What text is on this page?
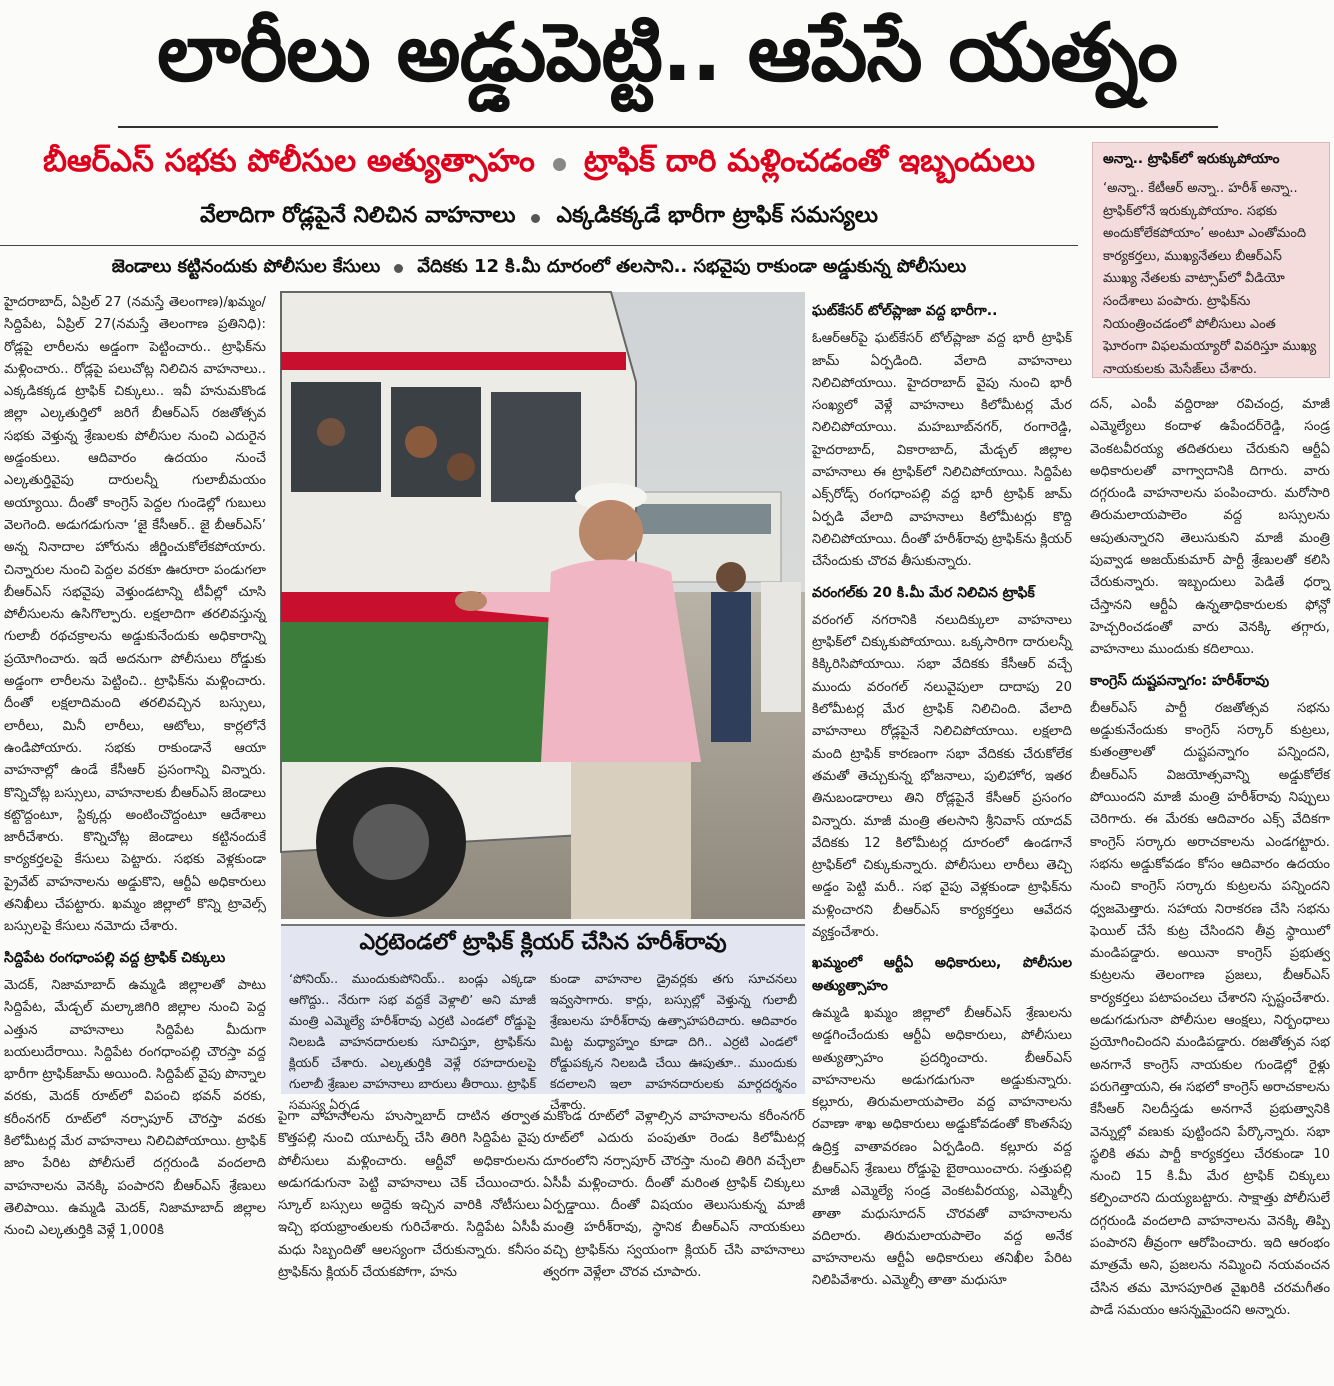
లారీలు అడ్డుపెట్టి.. ఆపేసే యత్నం
బీఆర్‌ఎస్‌ సభకు పోలీసుల అత్యుత్సాహం ట్రాఫిక్‌ దారి మళ్లించడంతో ఇబ్బందులు
వేలాదిగా రోడ్లపైనే నిలిచిన వాహనాలు ఎక్కడికక్కడే భారీగా ట్రాఫిక్‌ సమస్యలు
జెండాలు కట్టినందుకు పోలీసుల కేసులు వేదికకు 12 కి.మీ దూరంలో తలసాని.. సభవైపు రాకుండా అడ్డుకున్న పోలీసులు
అన్నా.. ట్రాఫిక్‌లో ఇరుక్కుపోయాం
‘అన్నా.. కేటీఆర్‌ అన్నా.. హరీశ్‌ అన్నా.. ట్రాఫిక్‌లోనే ఇరుక్కుపోయాం. సభకు అందుకోలేకపోయాం’ అంటూ ఎంతోమంది కార్యకర్తలు, ముఖ్యనేతలు బీఆర్‌ఎస్‌ ముఖ్య నేతలకు వాట్సాప్‌లో వీడియో సందేశాలు పంపారు. ట్రాఫిక్‌ను నియంత్రించడంలో పోలీసులు ఎంత ఘోరంగా విఫలమయ్యారో వివరిస్తూ ముఖ్య నాయకులకు మెసేజ్‌లు చేశారు.

హైదరాబాద్‌, ఏప్రిల్‌ 27 (నమస్తే తెలంగాణ)/ఖమ్మం/సిద్దిపేట, ఏప్రిల్‌ 27(నమస్తే తెలంగాణ ప్రతినిధి): రోడ్లపై లారీలను అడ్డంగా పెట్టించారు.. ట్రాఫిక్‌ను మళ్లించారు.. రోడ్లపై పలుచోట్ల నిలిచిన వాహనాలు.. ఎక్కడికక్కడ ట్రాఫిక్‌ చిక్కులు.. ఇవీ హనుమకొండ జిల్లా ఎల్కతుర్తిలో జరిగే బీఆర్‌ఎస్‌ రజతోత్సవ సభకు వెళ్తున్న శ్రేణులకు పోలీసుల నుంచి ఎదురైన అడ్డంకులు. ఆదివారం ఉదయం నుంచే ఎల్కతుర్తివైపు దారులన్నీ గులాబీమయం అయ్యాయి. దీంతో కాంగ్రెస్‌ పెద్దల గుండెల్లో గుబులు వెలగెంది. అడుగడుగునా ‘జై కేసీఆర్‌.. జై బీఆర్‌ఎస్‌’ అన్న నినాదాల హోరును జీర్ణించుకోలేకపోయారు. చిన్నారుల నుంచి పెద్దల వరకూ ఊరూరా పండుగలా బీఆర్‌ఎస్‌ సభవైపు వెళ్తుండటాన్ని టీవీల్లో చూసి పోలీసులను ఉసిగొల్పారు. లక్షలాదిగా తరలివస్తున్న గులాబీ రథచక్రాలను అడ్డుకునేందుకు అధికారాన్ని ప్రయోగించారు. ఇదే అదనుగా పోలీసులు రోడ్డుకు అడ్డంగా లారీలను పెట్టించి.. ట్రాఫిక్‌ను మళ్లించారు. దీంతో లక్షలాదిమంది తరలివచ్చిన బస్సులు, లారీలు, మినీ లారీలు, ఆటోలు, కార్లలోనే ఉండిపోయారు. సభకు రాకుండానే ఆయా వాహనాల్లో ఉండే కేసీఆర్‌ ప్రసంగాన్ని విన్నారు. కొన్నిచోట్ల బస్సులు, వాహనాలకు బీఆర్‌ఎస్‌ జెండాలు కట్టొద్దంటూ, స్టిక్కర్లు అంటించొద్దంటూ ఆదేశాలు జారీచేశారు. కొన్నిచోట్ల జెండాలు కట్టినందుకే కార్యకర్తలపై కేసులు పెట్టారు. సభకు వెళ్లకుండా ప్రైవేట్‌ వాహనాలను అడ్డుకొని, ఆర్టీఏ అధికారులు తనిఖీలు చేపట్టారు. ఖమ్మం జిల్లాలో కొన్ని ట్రావెల్స్‌ బస్సులపై కేసులు నమోదు చేశారు.

సిద్దిపేట రంగధాంపల్లి వద్ద ట్రాఫిక్‌ చిక్కులు

మెదక్‌, నిజామాబాద్‌ ఉమ్మడి జిల్లాలతో పాటు సిద్దిపేట, మేడ్చల్‌ మల్కాజిగిరి జిల్లాల నుంచి పెద్ద ఎత్తున వాహనాలు సిద్దిపేట మీదుగా బయలుదేరాయి. సిద్దిపేట రంగధాంపల్లి చౌరస్తా వద్ద భారీగా ట్రాఫిక్‌జామ్‌ అయింది. సిద్దిపేట్‌ వైపు పొన్నాల వరకు, మెదక్‌ రూట్‌లో విపంచి భవన్‌ వరకు, కరీంనగర్‌ రూట్‌లో నర్సాపూర్‌ చౌరస్తా వరకు కిలోమీటర్ల మేర వాహనాలు నిలిచిపోయాయి. ట్రాఫిక్‌ జాం పేరిట పోలీసులే దగ్గరుండి వందలాది వాహనాలను వెనక్కి పంపారని బీఆర్‌ఎస్‌ శ్రేణులు తెలిపాయి. ఉమ్మడి మెదక్‌, నిజామాబాద్‌ జిల్లాల నుంచి ఎల్కతుర్తికి వెళ్లే 1,000కి

ఎర్రటెండలో ట్రాఫిక్‌ క్లియర్‌ చేసిన హరీశ్‌రావు
‘పోనియ్‌.. ముందుకుపోనియ్‌.. బండ్లు ఎక్కడా ఆగొద్దు.. నేరుగా సభ వద్దకే వెళ్లాలి’ అని మాజీ మంత్రి ఎమ్మెల్యే హరీశ్‌రావు ఎర్రటి ఎండలో రోడ్డుపై నిలబడి వాహనదారులకు సూచిస్తూ, ట్రాఫిక్‌ను క్లియర్‌ చేశారు. ఎల్కతుర్తికి వెళ్లే రహదారులపై గులాబీ శ్రేణుల వాహనాలు బారులు తీరాయి. ట్రాఫిక్‌ సమస్య ఏర్పడ
కుండా వాహనాల డ్రైవర్లకు తగు సూచనలు ఇవ్వసాగారు. కార్లు, బస్సుల్లో వెళ్తున్న గులాబీ శ్రేణులను హరీశ్‌రావు ఉత్సాహపరిచారు. ఆదివారం మిట్ట మధ్యాహ్నం కూడా దిగి.. ఎర్రటి ఎండలో రోడ్డుపక్కన నిలబడి చేయి ఊపుతూ.. ముందుకు కదలాలని ఇలా వాహనదారులకు మార్గదర్శనం చేశారు.

పైగా వాహనాలను హుస్నాబాద్‌ దాటిన తర్వాత కొత్తపల్లి నుంచి యూటర్న్‌ చేసి తిరిగి సిద్దిపేట వైపు పోలీసులు మళ్లించారు. ఆర్టీవో అధికారులను అడుగడుగునా పెట్టి వాహనాలు చెక్‌ చేయించారు. స్కూల్‌ బస్సులు అద్దెకు ఇచ్చిన వారికి నోటీసులు ఇచ్చి భయభ్రాంతులకు గురిచేశారు. సిద్దిపేట ఏసీపీ మధు సిబ్బందితో ఆలస్యంగా చేరుకున్నారు. కనీసం ట్రాఫిక్‌ను క్లియర్‌ చేయకపోగా, హను

మకొండ రూట్‌లో వెళ్లాల్సిన వాహనాలను కరీంనగర్‌ రూట్‌లో ఎదురు పంపుతూ రెండు కిలోమీటర్ల దూరంలోని నర్సాపూర్‌ చౌరస్తా నుంచి తిరిగి వచ్చేలా ఏసీపీ మళ్లించారు. దీంతో మరింత ట్రాఫిక్‌ చిక్కులు ఏర్పడ్డాయి. దీంతో విషయం తెలుసుకున్న మాజీ మంత్రి హరీశ్‌రావు, స్థానిక బీఆర్‌ఎస్‌ నాయకులు వచ్చి ట్రాఫిక్‌ను స్వయంగా క్లియర్‌ చేసి వాహనాలు త్వరగా వెళ్లేలా చొరవ చూపారు.

ఘట్‌కేసర్‌ టోల్‌ప్లాజా వద్ద భారీగా..

ఓఆర్‌ఆర్‌పై ఘట్‌కేసర్‌ టోల్‌ప్లాజా వద్ద భారీ ట్రాఫిక్‌ జామ్‌ ఏర్పడింది. వేలాది వాహనాలు నిలిచిపోయాయి. హైదరాబాద్‌ వైపు నుంచి భారీ సంఖ్యలో వెళ్లే వాహనాలు కిలోమీటర్ల మేర నిలిచిపోయాయి. మహబూబ్‌నగర్‌, రంగారెడ్డి, హైదరాబాద్‌, వికారాబాద్‌, మేడ్చల్‌ జిల్లాల వాహనాలు ఈ ట్రాఫిక్‌లో నిలిచిపోయాయి. సిద్దిపేట ఎక్స్‌రోడ్స్‌ రంగధాంపల్లి వద్ద భారీ ట్రాఫిక్‌ జామ్‌ ఏర్పడి వేలాది వాహనాలు కిలోమీటర్లు కొద్ది నిలిచిపోయాయి. దీంతో హరీశ్‌రావు ట్రాఫిక్‌ను క్లియర్‌ చేసేందుకు చొరవ తీసుకున్నారు.

వరంగల్‌కు 20 కి.మీ మేర నిలిచిన ట్రాఫిక్‌

వరంగల్‌ నగరానికి నలుదిక్కులా వాహనాలు ట్రాఫిక్‌లో చిక్కుకుపోయాయి. ఒక్కసారిగా దారులన్నీ కిక్కిరిసిపోయాయి. సభా వేదికకు కేసీఆర్‌ వచ్చే ముందు వరంగల్‌ నలువైపులా దాదాపు 20 కిలోమీటర్ల మేర ట్రాఫిక్‌ నిలిచింది. వేలాది వాహనాలు రోడ్లపైనే నిలిచిపోయాయి. లక్షలాది మంది ట్రాఫిక్‌ కారణంగా సభా వేదికకు చేరుకోలేక తమతో తెచ్చుకున్న భోజనాలు, పులిహోర, ఇతర తినుబండారాలు తిని రోడ్లపైనే కేసీఆర్‌ ప్రసంగం విన్నారు. మాజీ మంత్రి తలసాని శ్రీనివాస్‌ యాదవ్‌ వేదికకు 12 కిలోమీటర్ల దూరంలో ఉండగానే ట్రాఫిక్‌లో చిక్కుకున్నారు. పోలీసులు లారీలు తెచ్చి అడ్డం పెట్టి మరీ.. సభ వైపు వెళ్లకుండా ట్రాఫిక్‌ను మళ్లించారని బీఆర్‌ఎస్‌ కార్యకర్తలు ఆవేదన వ్యక్తంచేశారు.

ఖమ్మంలో ఆర్టీఏ అధికారులు, పోలీసుల అత్యుత్సాహం

ఉమ్మడి ఖమ్మం జిల్లాలో బీఆర్‌ఎస్‌ శ్రేణులను అడ్డగించేందుకు ఆర్టీఏ అధికారులు, పోలీసులు అత్యుత్సాహం ప్రదర్శించారు. బీఆర్‌ఎస్‌ వాహనాలను అడుగడుగునా అడ్డుకున్నారు. కల్లూరు, తిరుమలాయపాలెం వద్ద వాహనాలను రవాణా శాఖ అధికారులు అడ్డుకోవడంతో కొంతసేపు ఉద్రిక్త వాతావరణం ఏర్పడింది. కల్లూరు వద్ద బీఆర్‌ఎస్‌ శ్రేణులు రోడ్డుపై బైఠాయించారు. సత్తుపల్లి మాజీ ఎమ్మెల్యే సండ్ర వెంకటవీరయ్య, ఎమ్మెల్సీ తాతా మధుసూదన్‌ చొరవతో వాహనాలను వదిలారు. తిరుమలాయపాలెం వద్ద అనేక వాహనాలను ఆర్టీఏ అధికారులు తనిఖీల పేరిట నిలిపివేశారు. ఎమ్మెల్సీ తాతా మధుసూ

దన్‌, ఎంపీ వద్దిరాజు రవిచంద్ర, మాజీ ఎమ్మెల్యేలు కందాళ ఉపేందర్‌రెడ్డి, సండ్ర వెంకటవీరయ్య తదితరులు చేరుకుని ఆర్టీఏ అధికారులతో వాగ్వాదానికి దిగారు. వారు దగ్గరుండి వాహనాలను పంపించారు. మరోసారి తిరుమలాయపాలెం వద్ద బస్సులను ఆపుతున్నారని తెలుసుకుని మాజీ మంత్రి పువ్వాడ అజయ్‌కుమార్‌ పార్టీ శ్రేణులతో కలిసి చేరుకున్నారు. ఇబ్బందులు పెడితే ధర్నా చేస్తానని ఆర్టీఏ ఉన్నతాధికారులకు ఫోన్లో హెచ్చరించడంతో వారు వెనక్కి తగ్గారు, వాహనాలు ముందుకు కదిలాయి.

కాంగ్రెస్‌ దుష్టపన్నాగం: హరీశ్‌రావు

బీఆర్‌ఎస్‌ పార్టీ రజతోత్సవ సభను అడ్డుకునేందుకు కాంగ్రెస్‌ సర్కార్‌ కుట్రలు, కుతంత్రాలతో దుష్టపన్నాగం పన్నిందని, బీఆర్‌ఎస్‌ విజయోత్సవాన్ని అడ్డుకోలేక పోయిందని మాజీ మంత్రి హరీశ్‌రావు నిప్పులు చెరిగారు. ఈ మేరకు ఆదివారం ఎక్స్‌ వేదికగా కాంగ్రెస్‌ సర్కారు అరాచకాలను ఎండగట్టారు. సభను అడ్డుకోవడం కోసం ఆదివారం ఉదయం నుంచి కాంగ్రెస్‌ సర్కారు కుట్రలను పన్నిందని ధ్వజమెత్తారు. సహాయ నిరాకరణ చేసి సభను ఫెయిల్‌ చేసే కుట్ర చేసిందని తీవ్ర స్థాయిలో మండిపడ్డారు. అయినా కాంగ్రెస్‌ ప్రభుత్వ కుట్రలను తెలంగాణ ప్రజలు, బీఆర్‌ఎస్‌ కార్యకర్తలు పటాపంచలు చేశారని స్పష్టంచేశారు. అడుగడుగునా పోలీసుల ఆంక్షలు, నిర్బంధాలు ప్రయోగించిందని మండిపడ్డారు. రజతోత్సవ సభ అనగానే కాంగ్రెస్‌ నాయకుల గుండెల్లో రైళ్లు పరుగెత్తాయని, ఈ సభలో కాంగ్రెస్‌ అరాచకాలను కేసీఆర్‌ నిలదీస్తడు అనగానే ప్రభుత్వానికి వెన్నుల్లో వణుకు పుట్టిందని పేర్కొన్నారు. సభా స్థలికి తమ పార్టీ కార్యకర్తలు చేరకుండా 10 నుంచి 15 కి.మీ మేర ట్రాఫిక్‌ చిక్కులు కల్పించారని దుయ్యబట్టారు. సాక్షాత్తు పోలీసులే దగ్గరుండి వందలాది వాహనాలను వెనక్కి తిప్పి పంపారని తీవ్రంగా ఆరోపించారు. ఇది ఆరంభం మాత్రమే అని, ప్రజలను నమ్మించి నయవంచన చేసిన తమ మోసపూరిత వైఖరికి చరమగీతం పాడే సమయం ఆసన్నమైందని అన్నారు.
